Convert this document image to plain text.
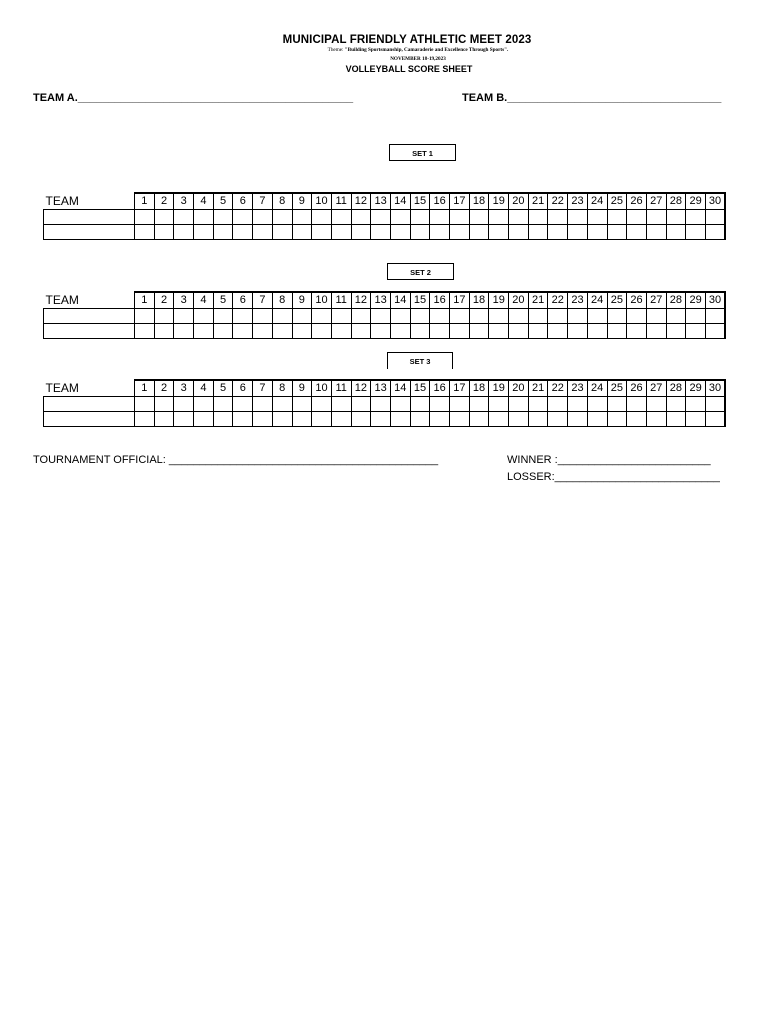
MUNICIPAL FRIENDLY ATHLETIC MEET 2023
Theme: "Building Sportsmanship, Camaraderie and Excellence Through Sports".
NOVEMBER 18-19,2023
VOLLEYBALL SCORE SHEET
TEAM A._____________________________________________	TEAM B.___________________________________
SET 1
TEAM	1	2	3	4	5	6	7	8	9	10	11	12	13	14	15	16	17	18	19	20	21	22	23	24	25	26	27	28	29	30

SET 2
TEAM	1	2	3	4	5	6	7	8	9	10	11	12	13	14	15	16	17	18	19	20	21	22	23	24	25	26	27	28	29	30

SET 3
TEAM	1	2	3	4	5	6	7	8	9	10	11	12	13	14	15	16	17	18	19	20	21	22	23	24	25	26	27	28	29	30

TOURNAMENT OFFICIAL: ____________________________________________	WINNER :_________________________
LOSSER:___________________________
